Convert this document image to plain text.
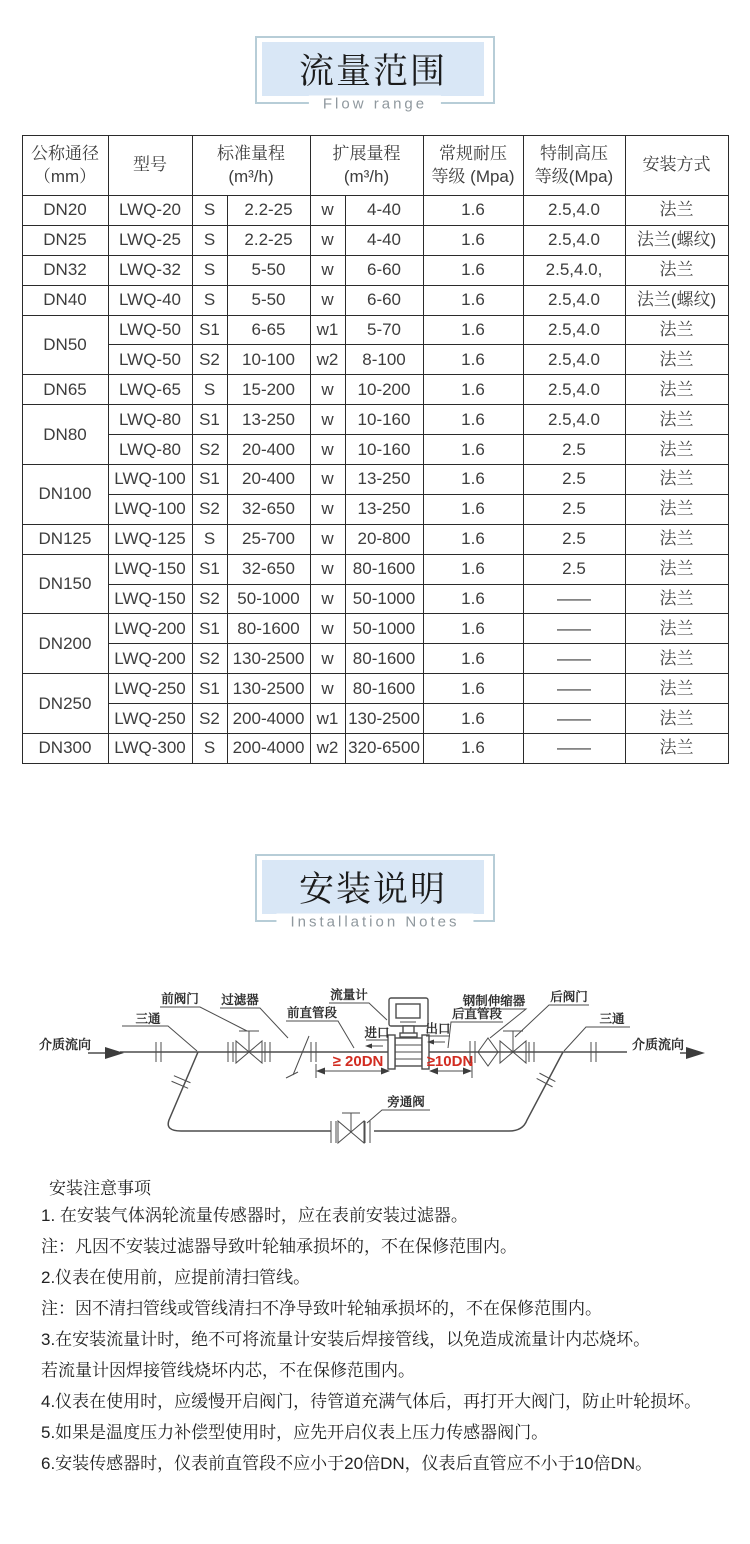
流量范围
Flow range
公称通径
（mm）

型号

标准量程
(m³/h)

扩展量程
(m³/h)

常规耐压
等级 (Mpa)

特制高压
等级(Mpa)

安装方式

DN20	LWQ-20	S	2.2-25	w	4-40	1.6	2.5,4.0	法兰
DN25	LWQ-25	S	2.2-25	w	4-40	1.6	2.5,4.0	法兰(螺纹)
DN32	LWQ-32	S	5-50	w	6-60	1.6	2.5,4.0,	法兰
DN40	LWQ-40	S	5-50	w	6-60	1.6	2.5,4.0	法兰(螺纹)
DN50	LWQ-50	S1	6-65	w1	5-70	1.6	2.5,4.0	法兰
	LWQ-50	S2	10-100	w2	8-100	1.6	2.5,4.0	法兰
DN65	LWQ-65	S	15-200	w	10-200	1.6	2.5,4.0	法兰
DN80	LWQ-80	S1	13-250	w	10-160	1.6	2.5,4.0	法兰
	LWQ-80	S2	20-400	w	10-160	1.6	2.5	法兰
DN100	LWQ-100	S1	20-400	w	13-250	1.6	2.5	法兰
	LWQ-100	S2	32-650	w	13-250	1.6	2.5	法兰
DN125	LWQ-125	S	25-700	w	20-800	1.6	2.5	法兰
DN150	LWQ-150	S1	32-650	w	80-1600	1.6	2.5	法兰
	LWQ-150	S2	50-1000	w	50-1000	1.6	——	法兰
DN200	LWQ-200	S1	80-1600	w	50-1000	1.6	——	法兰
	LWQ-200	S2	130-2500	w	80-1600	1.6	——	法兰
DN250	LWQ-250	S1	130-2500	w	80-1600	1.6	——	法兰
	LWQ-250	S2	200-4000	w1	130-2500	1.6	——	法兰
DN300	LWQ-300	S	200-4000	w2	320-6500	1.6	——	法兰
安装说明
Installation Notes
介质流向	介质流向
≥ 20DN
进口	出口
≥10DN
三通
前阀门 过滤器
前直管段
流量计
后直管段
钢制伸缩器 后阀门
三通
旁通阀
安装注意事项
1. 在安装气体涡轮流量传感器时，应在表前安装过滤器。
注：凡因不安装过滤器导致叶轮轴承损坏的，不在保修范围内。
2.仪表在使用前，应提前清扫管线。
注：因不清扫管线或管线清扫不净导致叶轮轴承损坏的，不在保修范围内。
3.在安装流量计时，绝不可将流量计安装后焊接管线，以免造成流量计内芯烧坏。
若流量计因焊接管线烧坏内芯，不在保修范围内。
4.仪表在使用时，应缓慢开启阀门，待管道充满气体后，再打开大阀门，防止叶轮损坏。
5.如果是温度压力补偿型使用时，应先开启仪表上压力传感器阀门。
6.安装传感器时，仪表前直管段不应小于20倍DN，仪表后直管应不小于10倍DN。
